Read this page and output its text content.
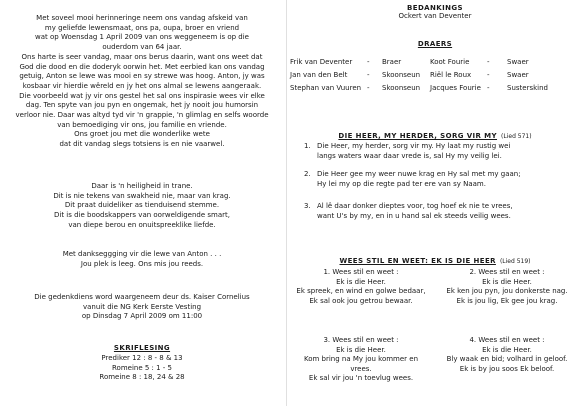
Met soveel mooi herinneringe neem ons vandag afskeid van
my geliefde lewensmaat, ons pa, oupa, broer en vriend
wat op Woensdag 1 April 2009 van ons weggeneem is op die
ouderdom van 64 jaar.
Ons harte is seer vandag, maar ons berus daarin, want ons weet dat
God die dood en die doderyk oorwin het. Met eerbied kan ons vandag
getuig, Anton se lewe was mooi en sy strewe was hoog. Anton, jy was
kosbaar vir hierdie wêreld en jy het ons almal se lewens aangeraak.
Die voorbeeld wat jy vir ons gestel het sal ons inspirasie wees vir elke
dag. Ten spyte van jou pyn en ongemak, het jy nooit jou humorsin
verloor nie. Daar was altyd tyd vir 'n grappie, 'n glimlag en selfs woorde
van bemoediging vir ons, jou familie en vriende.
Ons groet jou met die wonderlike wete
dat dit vandag slegs totsiens is en nie vaarwel.
Daar is 'n heiligheid in trane.
Dit is nie tekens van swakheid nie, maar van krag.
Dit praat duideliker as tienduisend stemme.
Dit is die boodskappers van oorweldigende smart,
van diepe berou en onuitspreeklike liefde.
Met dankseggging vir die lewe van Anton . . .
Jou plek is leeg. Ons mis jou reeds.
Die gedenkdiens word waargeneem deur ds. Kaiser Cornelius
vanuit die NG Kerk Eerste Vesting
op Dinsdag 7 April 2009 om 11:00
SKRIFLESING
Prediker 12 : 8 - 8 & 13
Romeine 5 : 1 - 5
Romeine 8 : 18, 24 & 28
BEDANKINGS
Ockert van Deventer
DRAERS
Frik van Deventer - Braer	Koot Fourie	- Swaer
Jan van den Belt	- Skoonseun Riël le Roux - Swaer
Stephan van Vuuren - Skoonseun Jacques Fourie - Susterskind
DIE HEER, MY HERDER, SORG VIR MY (Lied 571)
1. Die Heer, my herder, sorg vir my. Hy laat my rustig wei
langs waters waar daar vrede is, sal Hy my veilig lei.
2. Die Heer gee my weer nuwe krag en Hy sal met my gaan;
Hy lei my op die regte pad ter ere van sy Naam.
3. Al lê daar donker dieptes voor, tog hoef ek nie te vrees,
want U's by my, en in u hand sal ek steeds veilig wees.
WEES STIL EN WEET: EK IS DIE HEER (Lied 519)
1. Wees stil en weet :
Ek is die Heer.
Ek spreek, en wind en golwe bedaar,
Ek sal ook jou getrou bewaar.
2. Wees stil en weet :
Ek is die Heer.
Ek ken jou pyn, jou donkerste nag.
Ek is jou lig, Ek gee jou krag.
3. Wees stil en weet :
Ek is die Heer.
Kom bring na My jou kommer en
vrees.
Ek sal vir jou 'n toevlug wees.
4. Wees stil en weet :
Ek is die Heer.
Bly waak en bid; volhard in geloof.
Ek is by jou soos Ek beloof.
